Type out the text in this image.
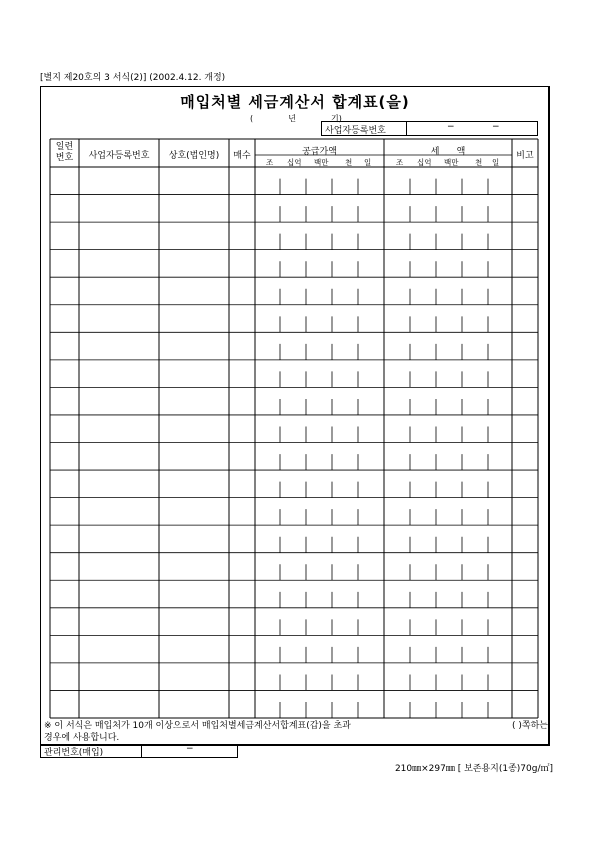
[별지 제20호의 3 서식(2)] (2002.4.12. 개정)
매입처별 세금계산서 합계표(을)
(	년	기)
사업자등록번호	−	−
일련
번호	사업자등록번호	상호(법인명)	매수	공급가액	세      액	비고
조 십억 백만 천 일	조 십억 백만 천 일
※ 이 서식은 매입처가 10개 이상으로서 매입처별세금계산서합계표(갑)을 초과	( )쪽하는
경우에 사용합니다.
관리번호(매입)	−
210㎜×297㎜ [ 보존용지(1종)70g/㎡]
